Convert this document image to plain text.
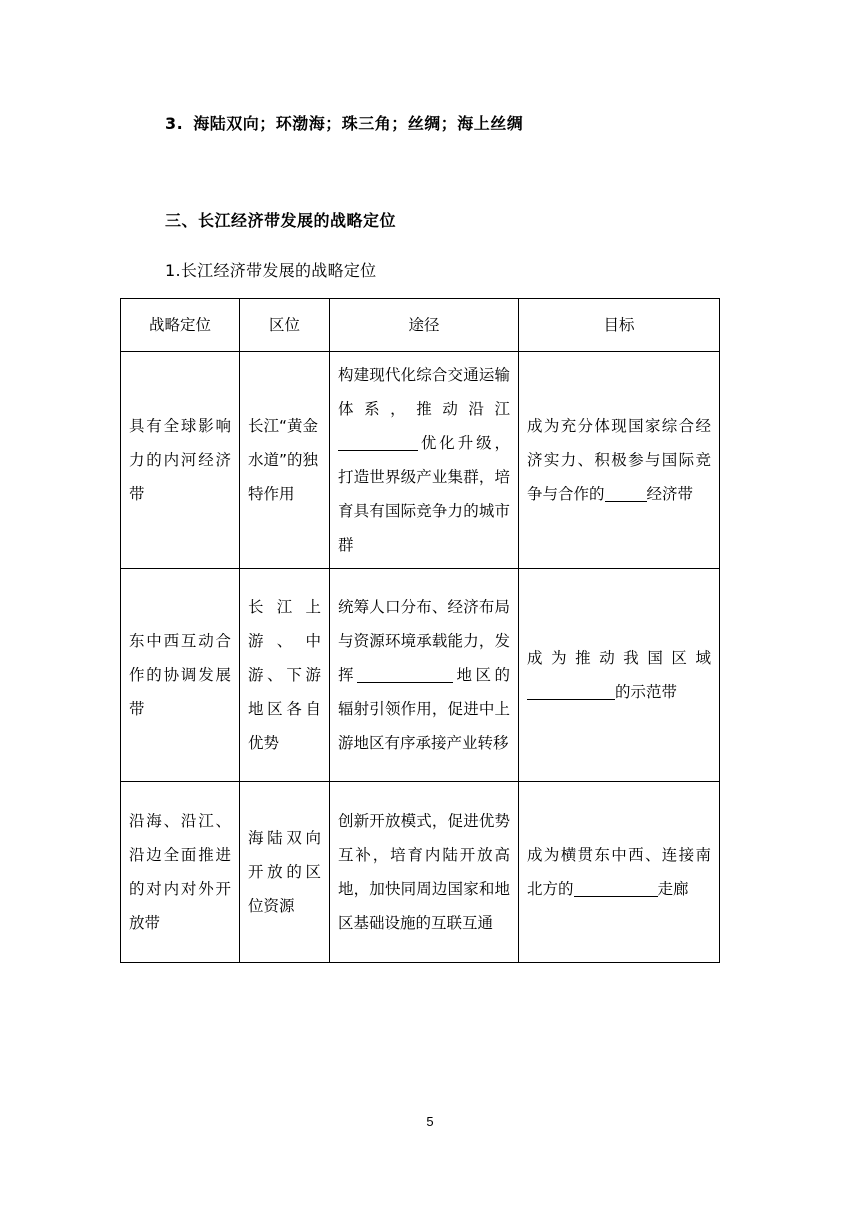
3. 海陆双向；环渤海；珠三角；丝绸；海上丝绸
三、长江经济带发展的战略定位
1.长江经济带发展的战略定位
战略定位	区位	途径	目标
具有全球影响力的内河经济带	长江“黄金水道”的独特作用	构建现代化综合交通运输体系，推动沿江优化升级，打造世界级产业集群，培育具有国际竞争力的城市群	成为充分体现国家综合经济实力、积极参与国际竞争与合作的 经济带
东中西互动合作的协调发展带	长江上游、中游、下游地区各自优势	统筹人口分布、经济布局与资源环境承载能力，发挥 地区的辐射引领作用，促进中上游地区有序承接产业转移	成为推动我国区域的示范带
沿海、沿江、沿边全面推进的对内对外开放带	海陆双向开放的区位资源	创新开放模式，促进优势互补，培育内陆开放高地，加快同周边国家和地区基础设施的互联互通	成为横贯东中西、连接南北方的 走廊
5
